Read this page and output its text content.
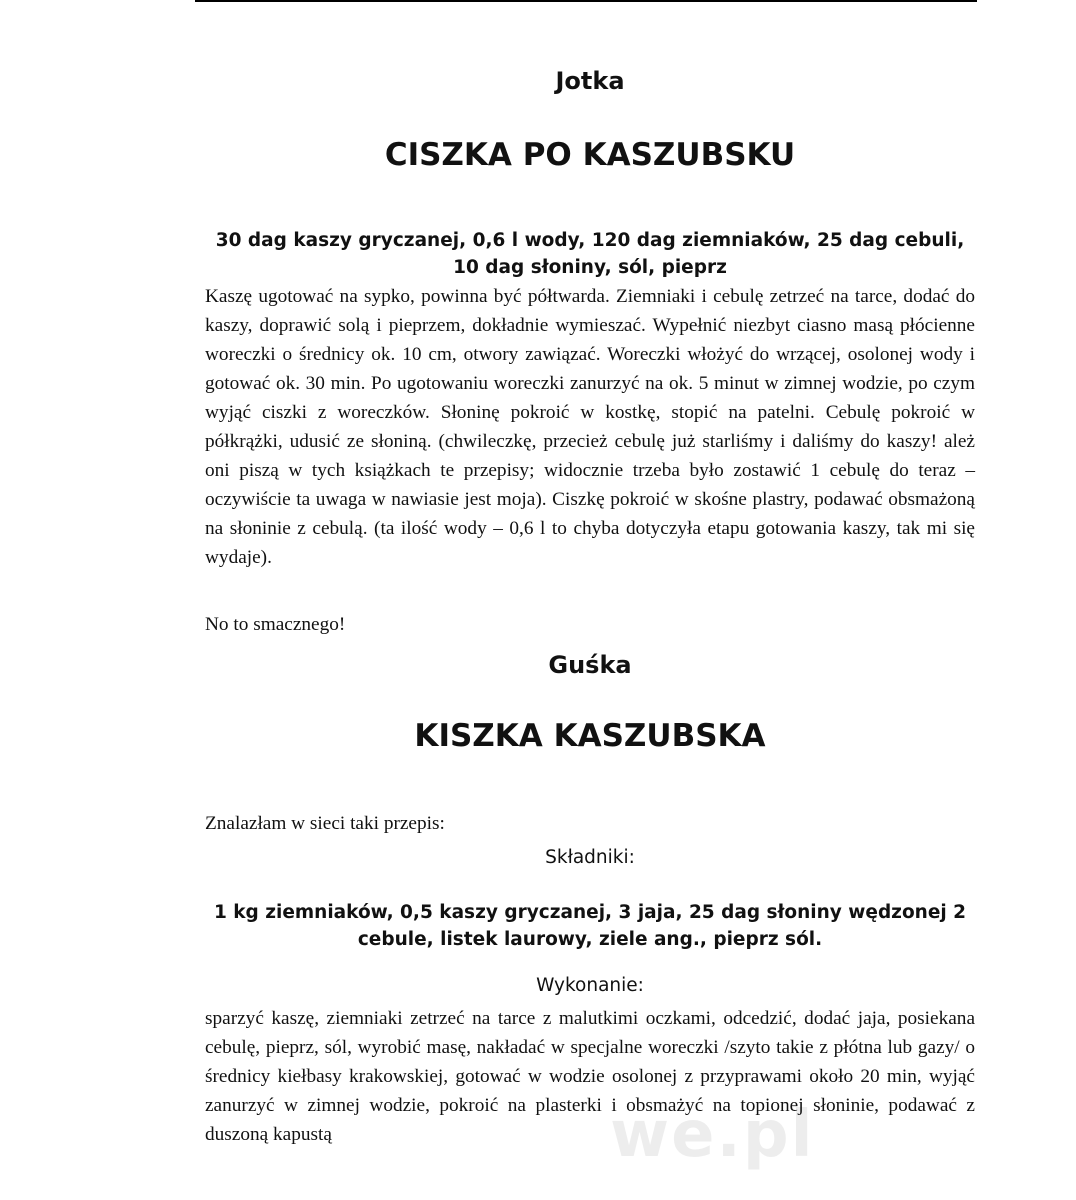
Jotka
CISZKA PO KASZUBSKU

30 dag kaszy gryczanej, 0,6 l wody, 120 dag ziemniaków, 25 dag cebuli, 10 dag słoniny, sól, pieprz

Kaszę ugotować na sypko, powinna być półtwarda. Ziemniaki i cebulę zetrzeć na tarce, dodać do kaszy, doprawić solą i pieprzem, dokładnie wymieszać. Wypełnić niezbyt ciasno masą płócienne woreczki o średnicy ok. 10 cm, otwory zawiązać. Woreczki włożyć do wrzącej, osolonej wody i gotować ok. 30 min. Po ugotowaniu woreczki zanurzyć na ok. 5 minut w zimnej wodzie, po czym wyjąć ciszki z woreczków. Słoninę pokroić w kostkę, stopić na patelni. Cebulę pokroić w półkrążki, udusić ze słoniną. (chwileczkę, przecież cebulę już starliśmy i daliśmy do kaszy! alеż oni piszą w tych książkach te przepisy; widocznie trzeba było zostawić 1 cebulę do teraz – oczywiście ta uwaga w nawiasie jest moja). Ciszkę pokroić w skośne plastry, podawać obsmażoną na słoninie z cebulą. (ta ilość wody – 0,6 l to chyba dotyczyła etapu gotowania kaszy, tak mi się wydaje).

No to smacznego!

Guśka
KISZKA KASZUBSKA

Znalazłam w sieci taki przepis:

Składniki:

1 kg ziemniaków, 0,5 kaszy gryczanej, 3 jaja, 25 dag słoniny wędzonej 2 cebule, listek laurowy, ziele ang., pieprz sól.

Wykonanie:

sparzyć kaszę, ziemniaki zetrzeć na tarce z malutkimi oczkami, odcedzić, dodać jaja, posiekana cebulę, pieprz, sól, wyrobić masę, nakładać w specjalne woreczki /szyto takie z płótna lub gazy/ o średnicy kiełbasy krakowskiej, gotować w wodzie osolonej z przyprawami około 20 min, wyjąć zanurzyć w zimnej wodzie, pokroić na plasterki i obsmażyć na topionej słoninie, podawać z duszoną kapustą	we.pl
